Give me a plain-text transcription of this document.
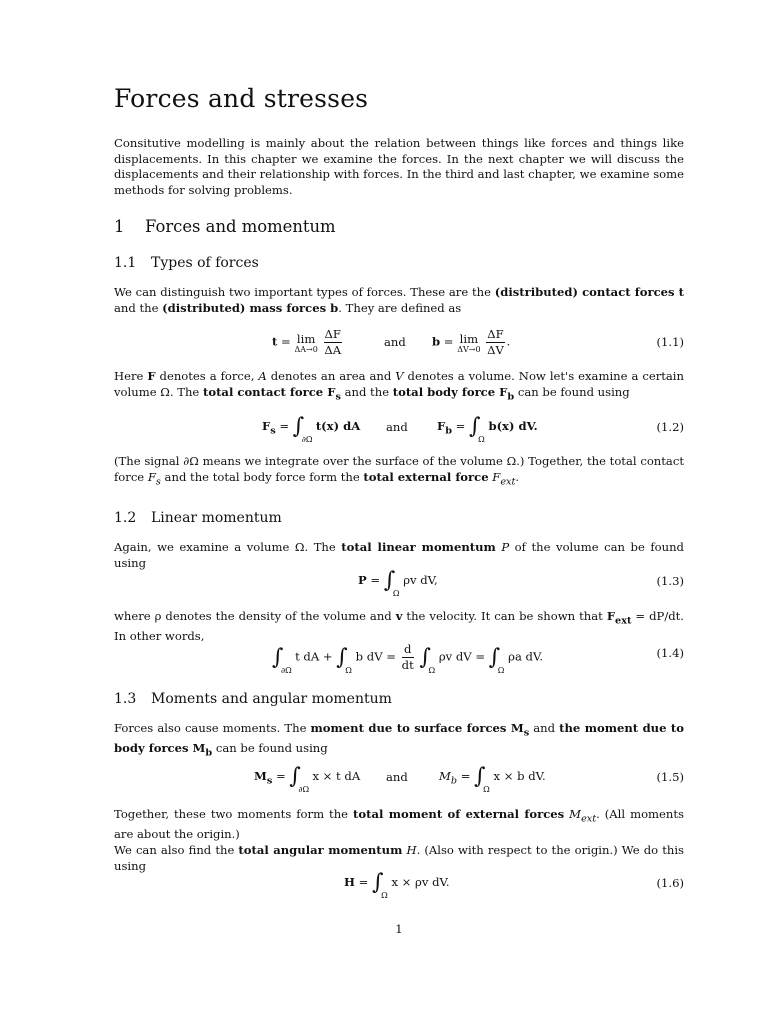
Forces and stresses

Consitutive modelling is mainly about the relation between things like forces and things like displacements. In this chapter we examine the forces. In the next chapter we will discuss the displacements and their relationship with forces. In the third and last chapter, we examine some methods for solving problems.

1 Forces and momentum
1.1 Types of forces

We can distinguish two important types of forces. These are the (distributed) contact forces t and the (distributed) mass forces b. They are defined as

t = lim
ΔA→0
$\frac{\Delta F}{\Delta A}$	and b = lim
ΔV→0
$\frac{\Delta F}{\Delta V}$ .	(1.1)

Here F denotes a force, A denotes an area and V denotes a volume. Now let's examine a certain volume Ω. The total contact force $F_s$ and the total body force $F_b$ can be found using

$F_s$ = ∫
∂Ω
t(x) dA and	$F_b$ = ∫
Ω
b(x) dV.	(1.2)

(The signal ∂Ω means we integrate over the surface of the volume Ω.) Together, the total contact force $F_s$ and the total body force form the total external force $F_{ext}$.

1.2 Linear momentum

Again, we examine a volume Ω. The total linear momentum P of the volume can be found using

P = ∫
Ω
ρv dV,	(1.3)

where ρ denotes the density of the volume and v the velocity. It can be shown that $F_{ext} = dP/dt$. In other words,

∫
∂Ω
t dA + ∫
Ω
b dV = $\frac{d}{dt}$ ∫
Ω
ρv dV = ∫
Ω
ρa dV.	(1.4)
1.3 Moments and angular momentum

Forces also cause moments. The moment due to surface forces $M_s$ and the moment due to body forces $M_b$ can be found using

$M_s$ = ∫
∂Ω
x × t dA and	$M_b$ = ∫
Ω
x × b dV.	(1.5)

Together, these two moments form the total moment of external forces $M_{ext}$. (All moments are about the origin.)

We can also find the total angular momentum H. (Also with respect to the origin.) We do this using

H = ∫
Ω
x × ρv dV.	(1.6)
1
